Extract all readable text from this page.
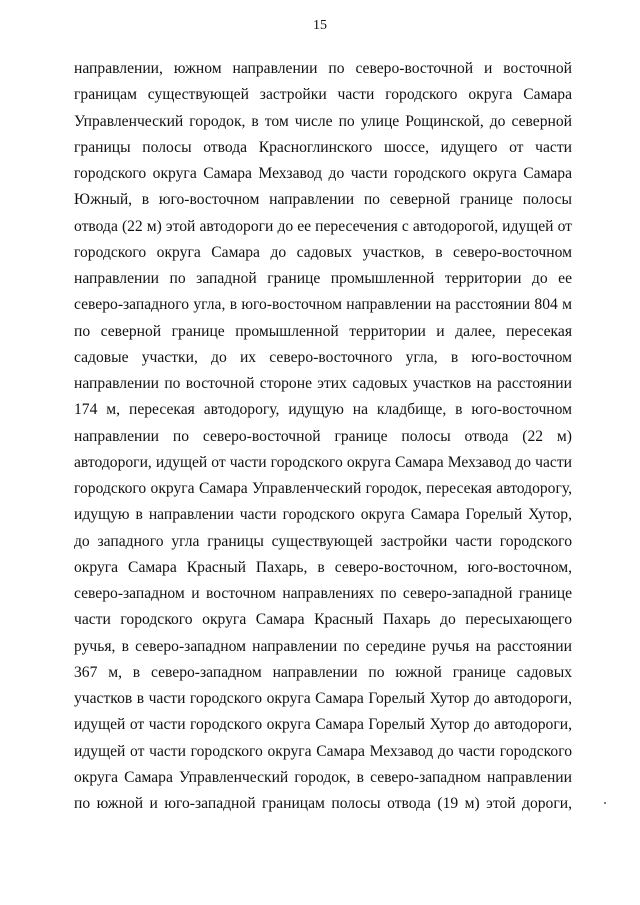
15
направлении, южном направлении по северо-восточной и восточной
границам существующей застройки части городского округа Самара
Управленческий городок, в том числе по улице Рощинской, до северной
границы полосы отвода Красноглинского шоссе, идущего от части
городского округа Самара Мехзавод до части городского округа Самара
Южный, в юго-восточном направлении по северной границе полосы
отвода (22 м) этой автодороги до ее пересечения с автодорогой, идущей от
городского округа Самара до садовых участков, в северо-восточном
направлении по западной границе промышленной территории до ее
северо-западного угла, в юго-восточном направлении на расстоянии 804 м
по северной границе промышленной территории и далее, пересекая
садовые участки, до их северо-восточного угла, в юго-восточном
направлении по восточной стороне этих садовых участков на расстоянии
174 м, пересекая автодорогу, идущую на кладбище, в юго-восточном
направлении по северо-восточной границе полосы отвода (22 м)
автодороги, идущей от части городского округа Самара Мехзавод до части
городского округа Самара Управленческий городок, пересекая автодорогу,
идущую в направлении части городского округа Самара Горелый Хутор,
до западного угла границы существующей застройки части городского
округа Самара Красный Пахарь, в северо-восточном, юго-восточном,
северо-западном и восточном направлениях по северо-западной границе
части городского округа Самара Красный Пахарь до пересыхающего
ручья, в северо-западном направлении по середине ручья на расстоянии
367 м, в северо-западном направлении по южной границе садовых
участков в части городского округа Самара Горелый Хутор до автодороги,
идущей от части городского округа Самара Горелый Хутор до автодороги,
идущей от части городского округа Самара Мехзавод до части городского
округа Самара Управленческий городок, в северо-западном направлении
по южной и юго-западной границам полосы отвода (19 м) этой дороги,
